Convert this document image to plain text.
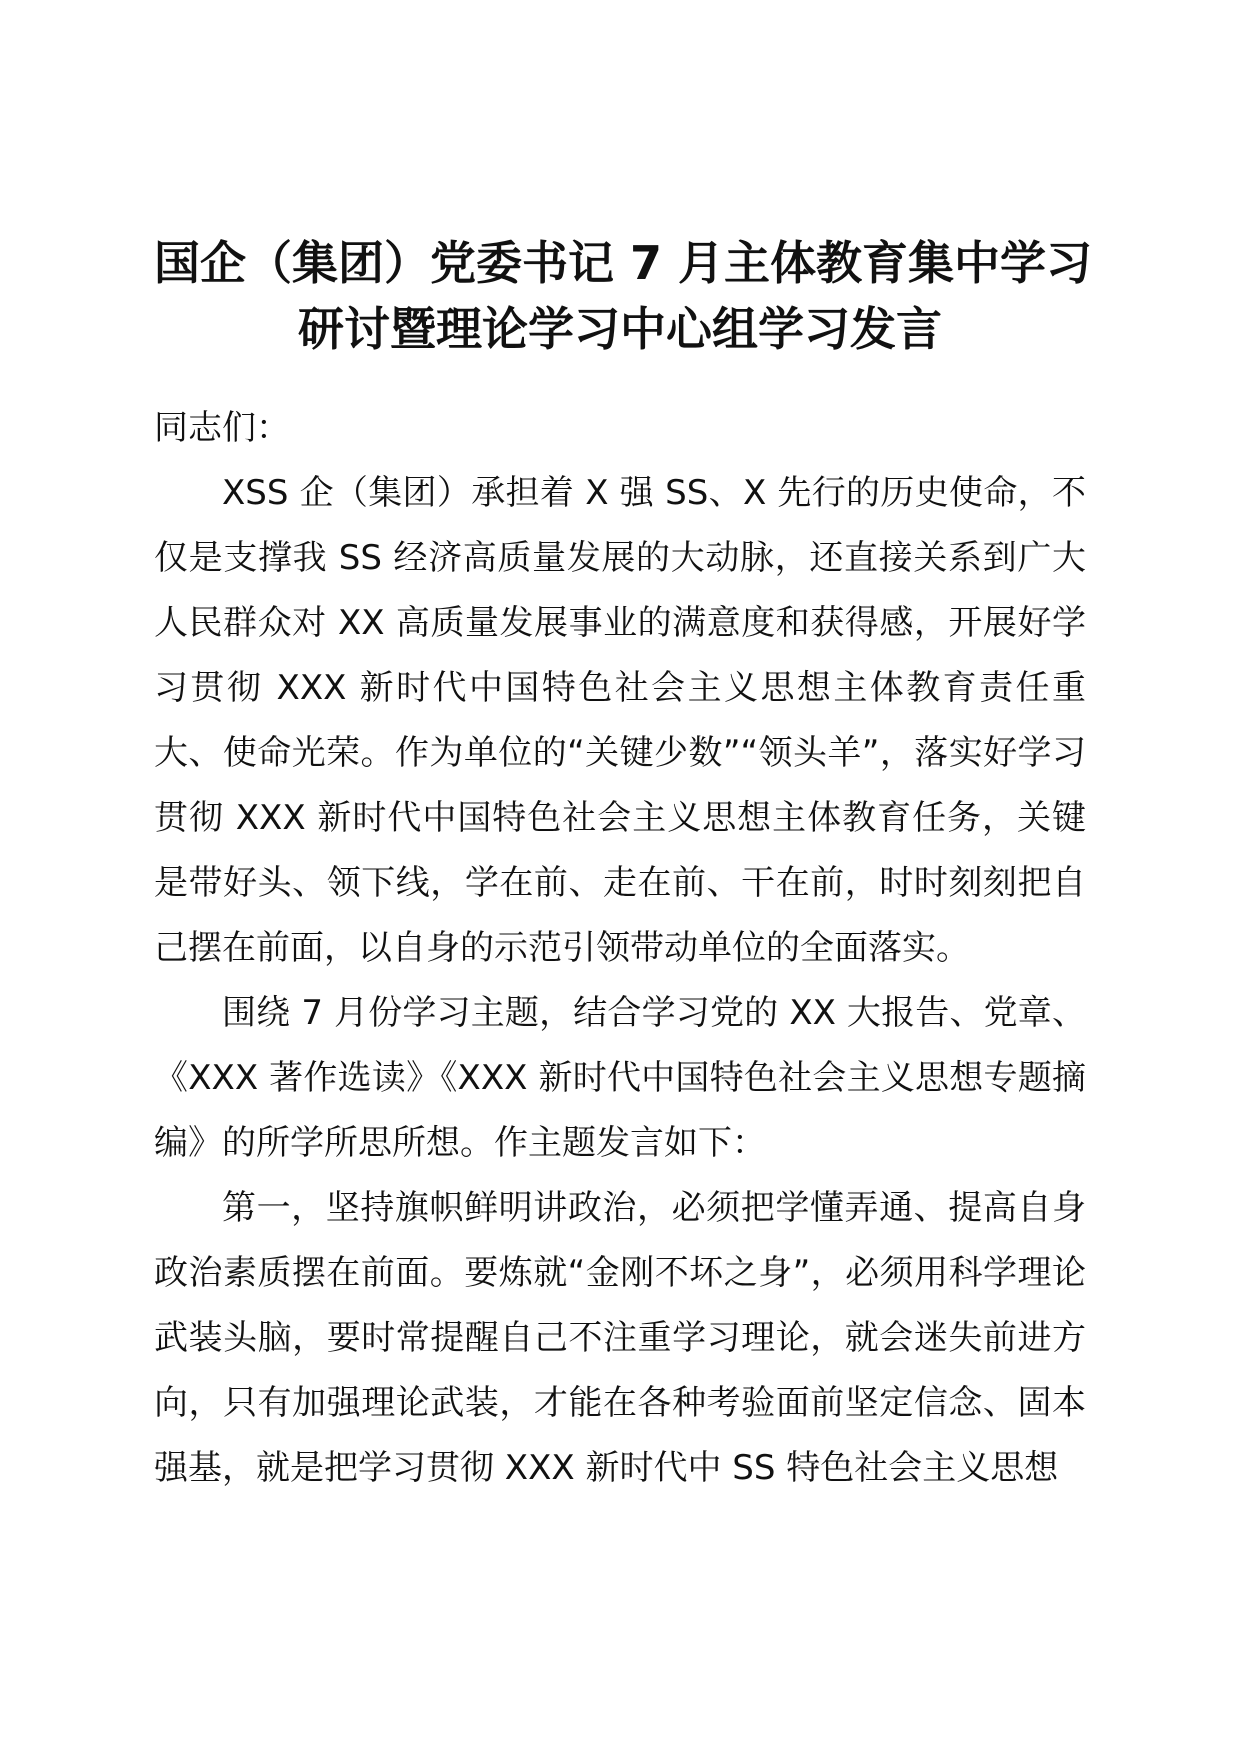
国企（集团）党委书记 7 月主体教育集中学习
研讨暨理论学习中心组学习发言

同志们：

XSS 企（集团）承担着 X 强 SS、X 先行的历史使命，不仅是支撑我 SS 经济高质量发展的大动脉，还直接关系到广大人民群众对 XX 高质量发展事业的满意度和获得感，开展好学习贯彻 XXX 新时代中国特色社会主义思想主体教育责任重大、使命光荣。作为单位的“关键少数”“领头羊”，落实好学习贯彻 XXX 新时代中国特色社会主义思想主体教育任务，关键是带好头、领下线，学在前、走在前、干在前，时时刻刻把自己摆在前面，以自身的示范引领带动单位的全面落实。

围绕 7 月份学习主题，结合学习党的 XX 大报告、党章、《XXX 著作选读》《XXX 新时代中国特色社会主义思想专题摘编》的所学所思所想。作主题发言如下：

第一，坚持旗帜鲜明讲政治，必须把学懂弄通、提高自身政治素质摆在前面。要炼就“金刚不坏之身”，必须用科学理论武装头脑，要时常提醒自己不注重学习理论，就会迷失前进方向，只有加强理论武装，才能在各种考验面前坚定信念、固本强基，就是把学习贯彻 XXX 新时代中 SS 特色社会主义思想
